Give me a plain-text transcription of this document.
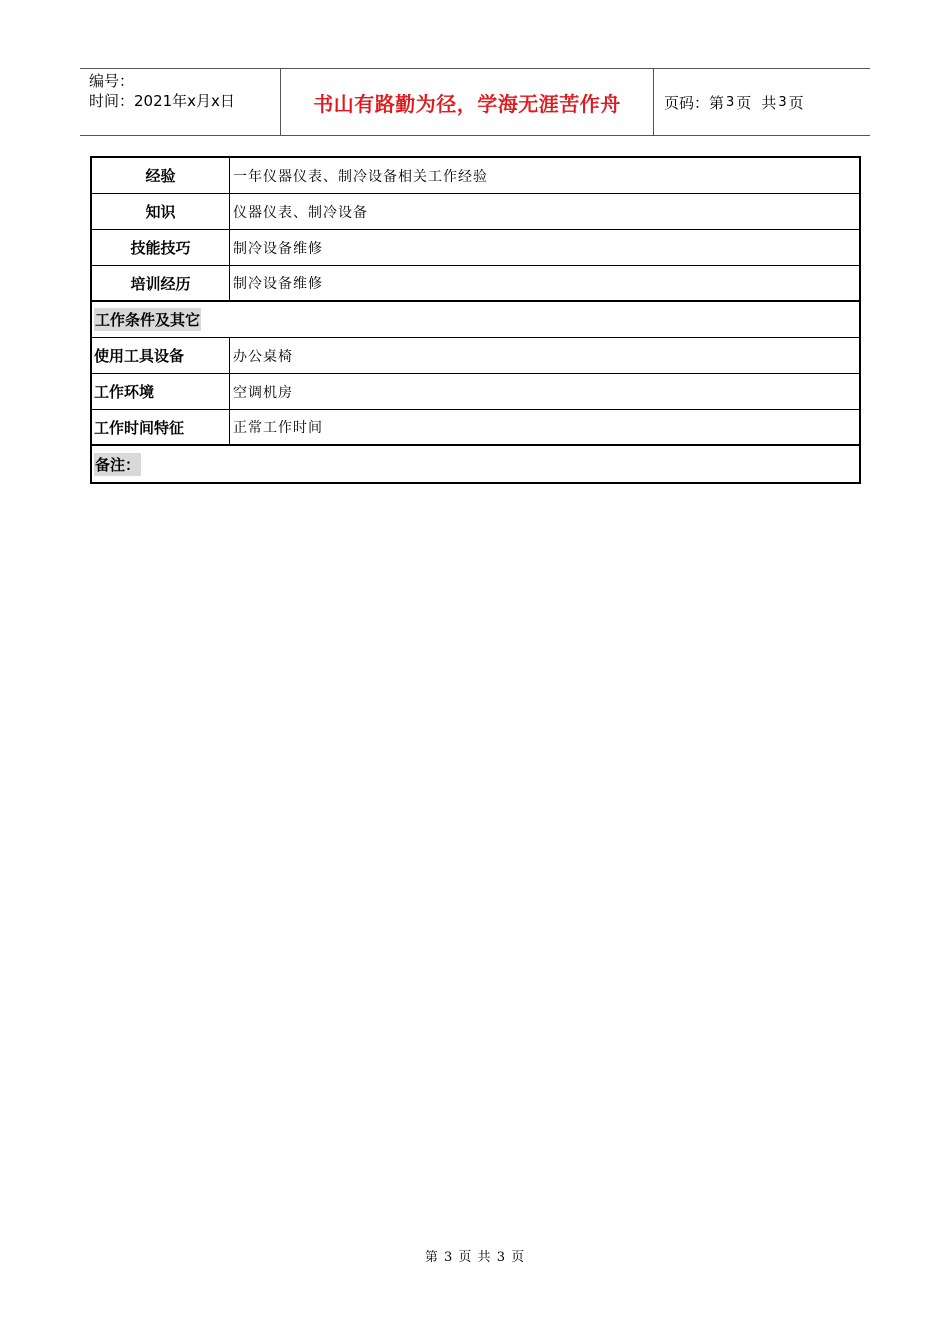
编号：
时间：2021年x月x日	书山有路勤为径，学海无涯苦作舟	页码：第 3 页 共 3 页
经验	一年仪器仪表、制冷设备相关工作经验
知识	仪器仪表、制冷设备
技能技巧	制冷设备维修
培训经历	制冷设备维修
工作条件及其它
使用工具设备	办公桌椅
工作环境	空调机房
工作时间特征	正常工作时间
备注：
第 3 页 共 3 页
